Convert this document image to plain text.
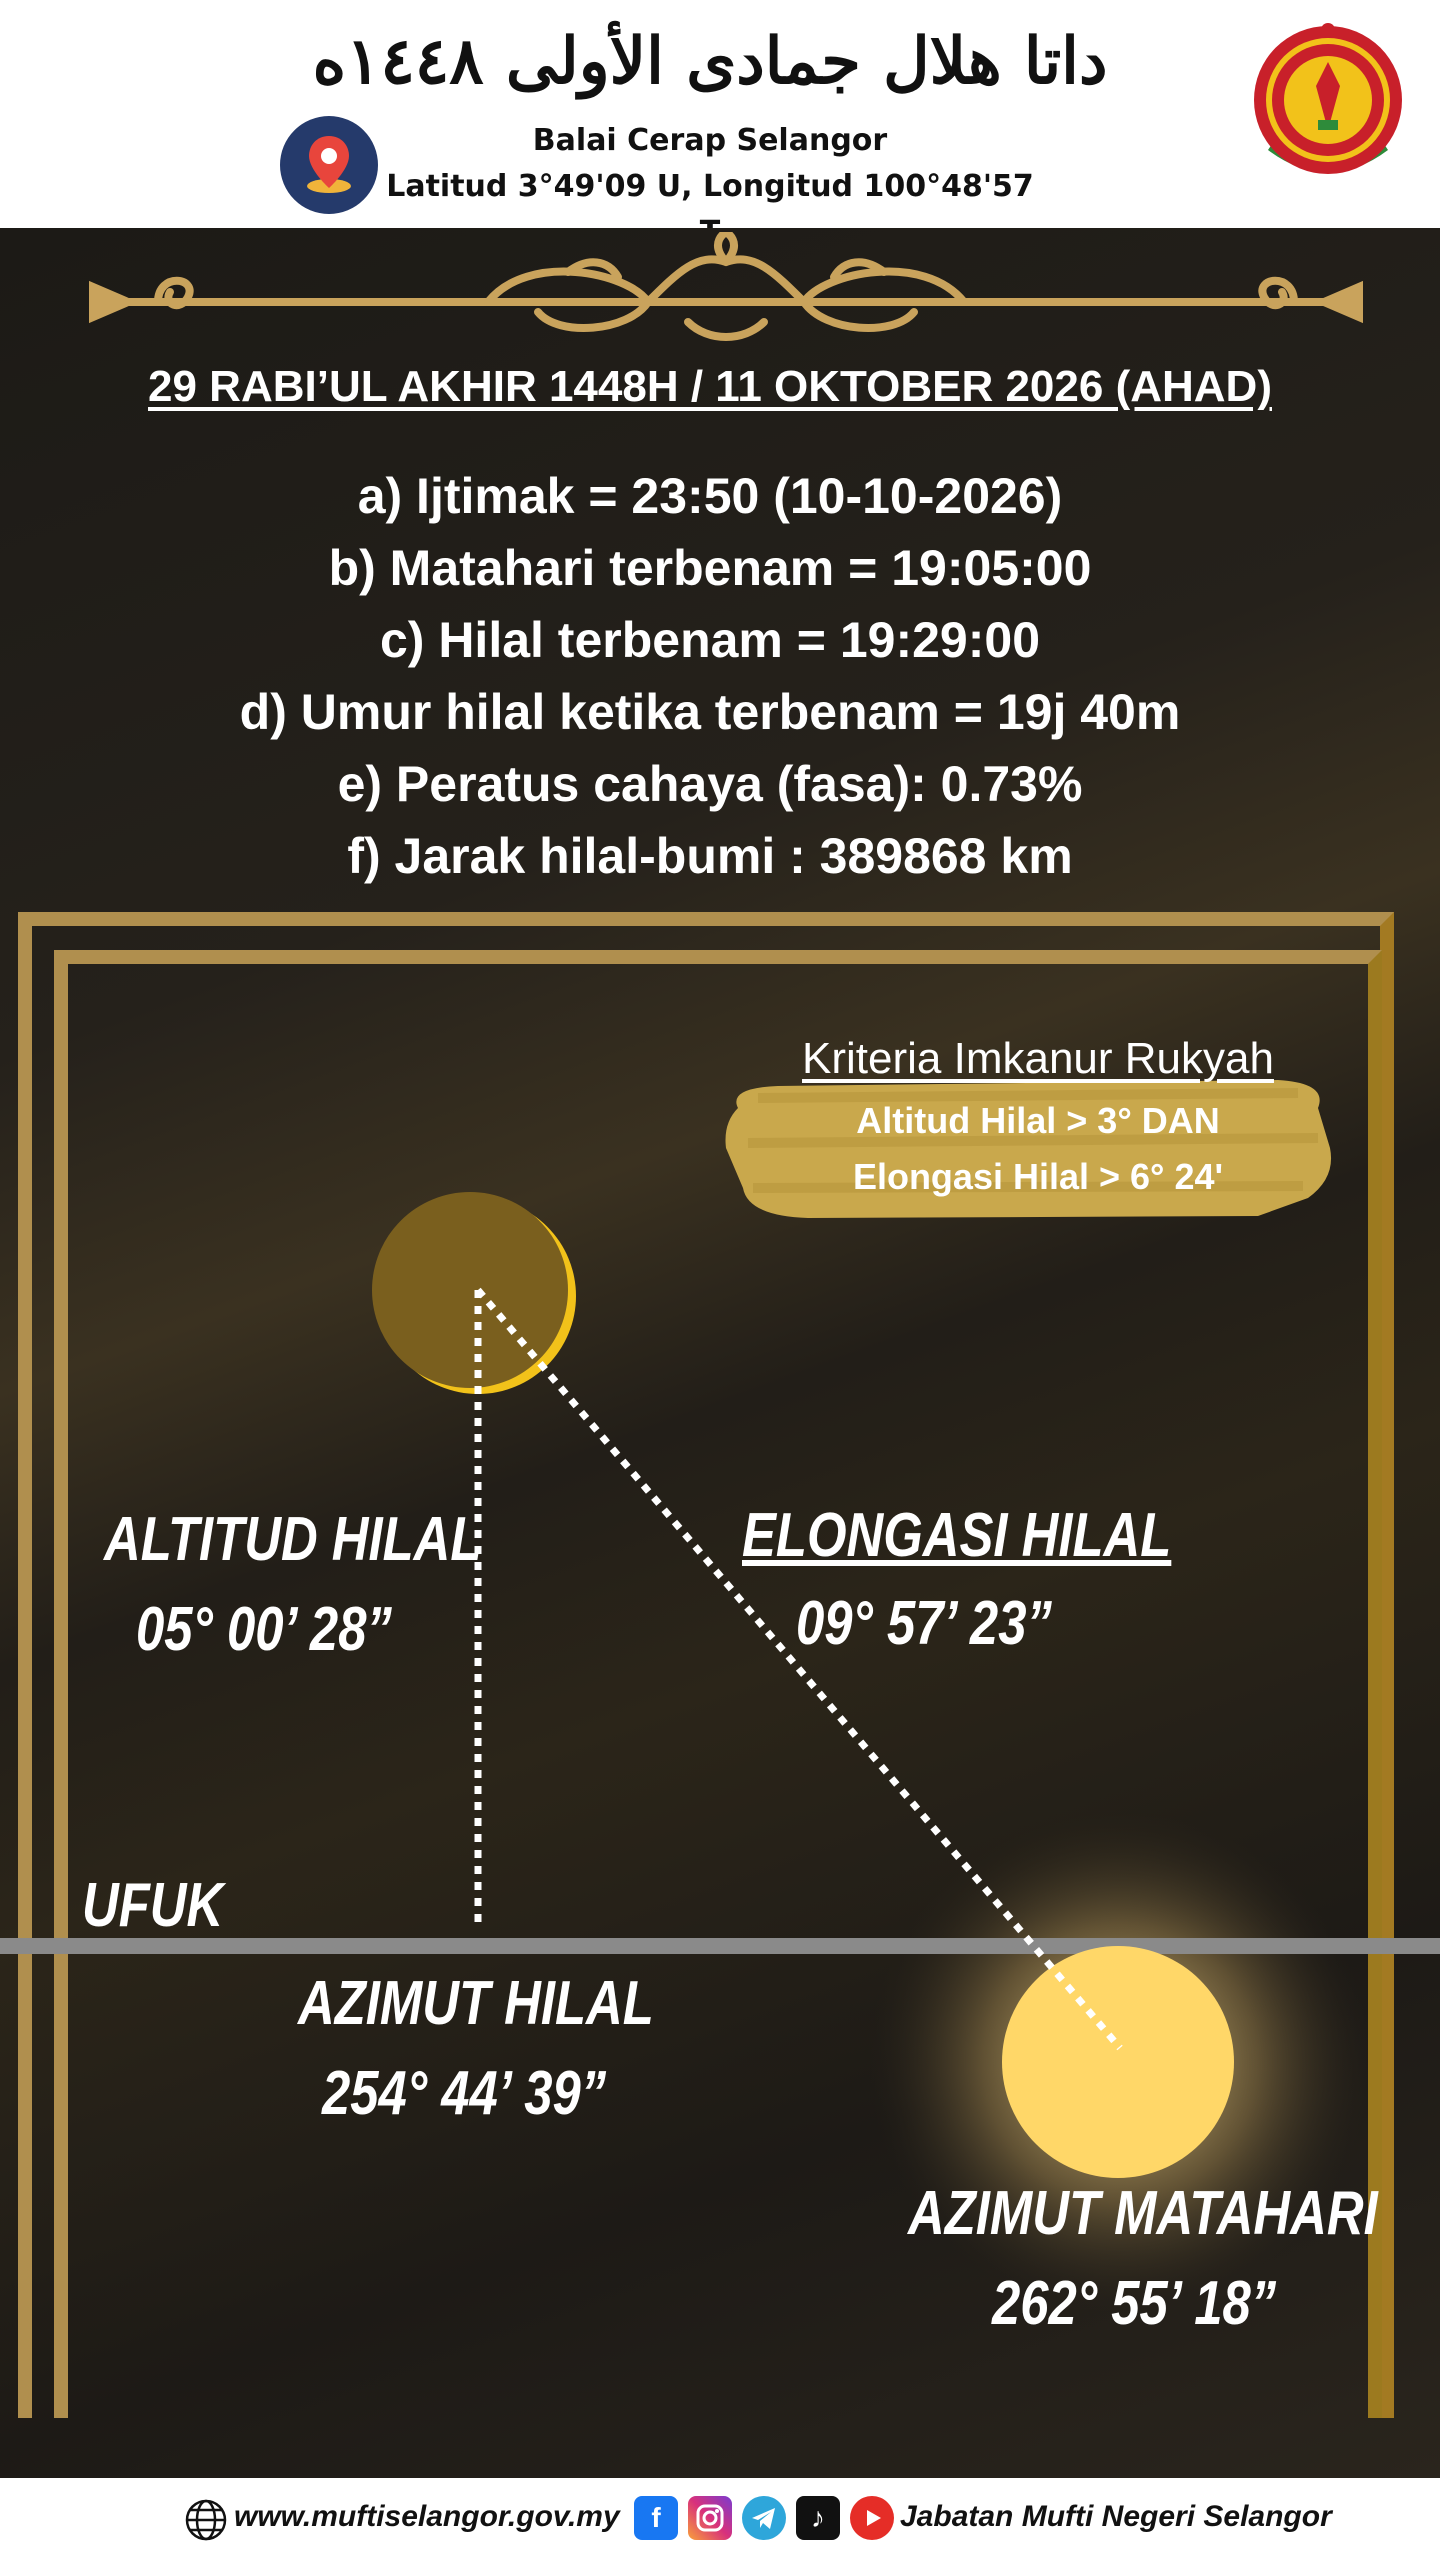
داتا هلال جمادى الأولى ١٤٤٨ه
Balai Cerap Selangor
Latitud 3°49'09 U, Longitud 100°48'57
29 RABI’UL AKHIR 1448H / 11 OKTOBER 2026 (AHAD)
a) Ijtimak = 23:50 (10-10-2026)
b) Matahari terbenam = 19:05:00
c) Hilal terbenam = 19:29:00
d) Umur hilal ketika terbenam = 19j 40m
e) Peratus cahaya (fasa): 0.73%
f) Jarak hilal-bumi : 389868 km
Kriteria Imkanur Rukyah
Altitud Hilal > 3° DAN
Elongasi Hilal > 6° 24'
ALTITUD HILAL
05° 00’ 28”
ELONGASI HILAL
09° 57’ 23”
UFUK
AZIMUT HILAL
254° 44’ 39”
AZIMUT MATAHARI
262° 55’ 18”
www.muftiselangor.gov.my	f	♪	Jabatan Mufti Negeri Selangor
